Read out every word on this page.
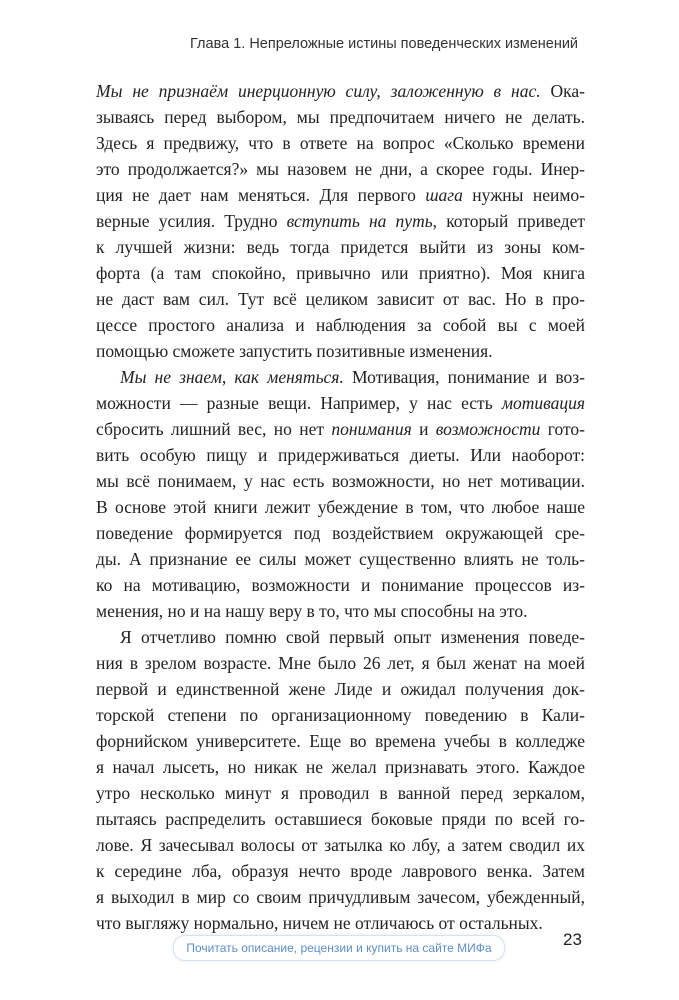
Глава 1. Непреложные истины поведенческих изменений
Мы не признаём инерционную силу, заложенную в нас. Ока-
зываясь перед выбором, мы предпочитаем ничего не делать.
Здесь я предвижу, что в ответе на вопрос «Сколько времени
это продолжается?» мы назовем не дни, а скорее годы. Инер-
ция не дает нам меняться. Для первого шага нужны неимо-
верные усилия. Трудно вступить на путь, который приведет
к лучшей жизни: ведь тогда придется выйти из зоны ком-
форта (а там спокойно, привычно или приятно). Моя книга
не даст вам сил. Тут всё целиком зависит от вас. Но в про-
цессе простого анализа и наблюдения за собой вы с моей
помощью сможете запустить позитивные изменения.
Мы не знаем, как меняться. Мотивация, понимание и воз-
можности — разные вещи. Например, у нас есть мотивация
сбросить лишний вес, но нет понимания и возможности гото-
вить особую пищу и придерживаться диеты. Или наоборот:
мы всё понимаем, у нас есть возможности, но нет мотивации.
В основе этой книги лежит убеждение в том, что любое наше
поведение формируется под воздействием окружающей сре-
ды. А признание ее силы может существенно влиять не толь-
ко на мотивацию, возможности и понимание процессов из-
менения, но и на нашу веру в то, что мы способны на это.
Я отчетливо помню свой первый опыт изменения поведе-
ния в зрелом возрасте. Мне было 26 лет, я был женат на моей
первой и единственной жене Лиде и ожидал получения док-
торской степени по организационному поведению в Кали-
форнийском университете. Еще во времена учебы в колледже
я начал лысеть, но никак не желал признавать этого. Каждое
утро несколько минут я проводил в ванной перед зеркалом,
пытаясь распределить оставшиеся боковые пряди по всей го-
лове. Я зачесывал волосы от затылка ко лбу, а затем сводил их
к середине лба, образуя нечто вроде лаврового венка. Затем
я выходил в мир со своим причудливым зачесом, убежденный,
что выгляжу нормально, ничем не отличаюсь от остальных.
Почитать описание, рецензии и купить на сайте МИФа	23
